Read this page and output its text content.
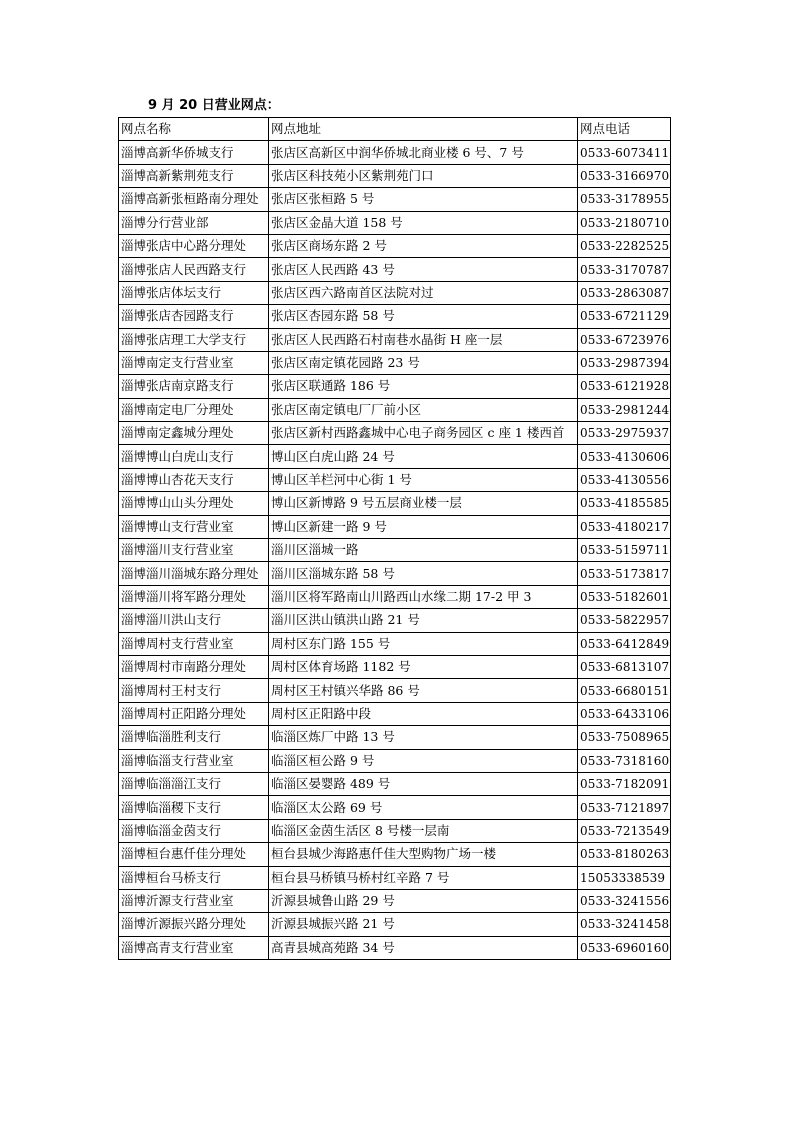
9 月 20 日营业网点：
网点名称	网点地址	网点电话
淄博高新华侨城支行	张店区高新区中润华侨城北商业楼 6 号、7 号	0533-6073411
淄博高新紫荆苑支行	张店区科技苑小区紫荆苑门口	0533-3166970
淄博高新张桓路南分理处	张店区张桓路 5 号	0533-3178955
淄博分行营业部	张店区金晶大道 158 号	0533-2180710
淄博张店中心路分理处	张店区商场东路 2 号	0533-2282525
淄博张店人民西路支行	张店区人民西路 43 号	0533-3170787
淄博张店体坛支行	张店区西六路南首区法院对过	0533-2863087
淄博张店杏园路支行	张店区杏园东路 58 号	0533-6721129
淄博张店理工大学支行	张店区人民西路石村南巷水晶街 H 座一层	0533-6723976
淄博南定支行营业室	张店区南定镇花园路 23 号	0533-2987394
淄博张店南京路支行	张店区联通路 186 号	0533-6121928
淄博南定电厂分理处	张店区南定镇电厂厂前小区	0533-2981244
淄博南定鑫城分理处	张店区新村西路鑫城中心电子商务园区 c 座 1 楼西首	0533-2975937
淄博博山白虎山支行	博山区白虎山路 24 号	0533-4130606
淄博博山杏花天支行	博山区羊栏河中心街 1 号	0533-4130556
淄博博山山头分理处	博山区新博路 9 号五层商业楼一层	0533-4185585
淄博博山支行营业室	博山区新建一路 9 号	0533-4180217
淄博淄川支行营业室	淄川区淄城一路	0533-5159711
淄博淄川淄城东路分理处	淄川区淄城东路 58 号	0533-5173817
淄博淄川将军路分理处	淄川区将军路南山川路西山水缘二期 17-2 甲 3	0533-5182601
淄博淄川洪山支行	淄川区洪山镇洪山路 21 号	0533-5822957
淄博周村支行营业室	周村区东门路 155 号	0533-6412849
淄博周村市南路分理处	周村区体育场路 1182 号	0533-6813107
淄博周村王村支行	周村区王村镇兴华路 86 号	0533-6680151
淄博周村正阳路分理处	周村区正阳路中段	0533-6433106
淄博临淄胜利支行	临淄区炼厂中路 13 号	0533-7508965
淄博临淄支行营业室	临淄区桓公路 9 号	0533-7318160
淄博临淄淄江支行	临淄区晏婴路 489 号	0533-7182091
淄博临淄稷下支行	临淄区太公路 69 号	0533-7121897
淄博临淄金茵支行	临淄区金茵生活区 8 号楼一层南	0533-7213549
淄博桓台惠仟佳分理处	桓台县城少海路惠仟佳大型购物广场一楼	0533-8180263
淄博桓台马桥支行	桓台县马桥镇马桥村红辛路 7 号	15053338539
淄博沂源支行营业室	沂源县城鲁山路 29 号	0533-3241556
淄博沂源振兴路分理处	沂源县城振兴路 21 号	0533-3241458
淄博高青支行营业室	高青县城高苑路 34 号	0533-6960160
